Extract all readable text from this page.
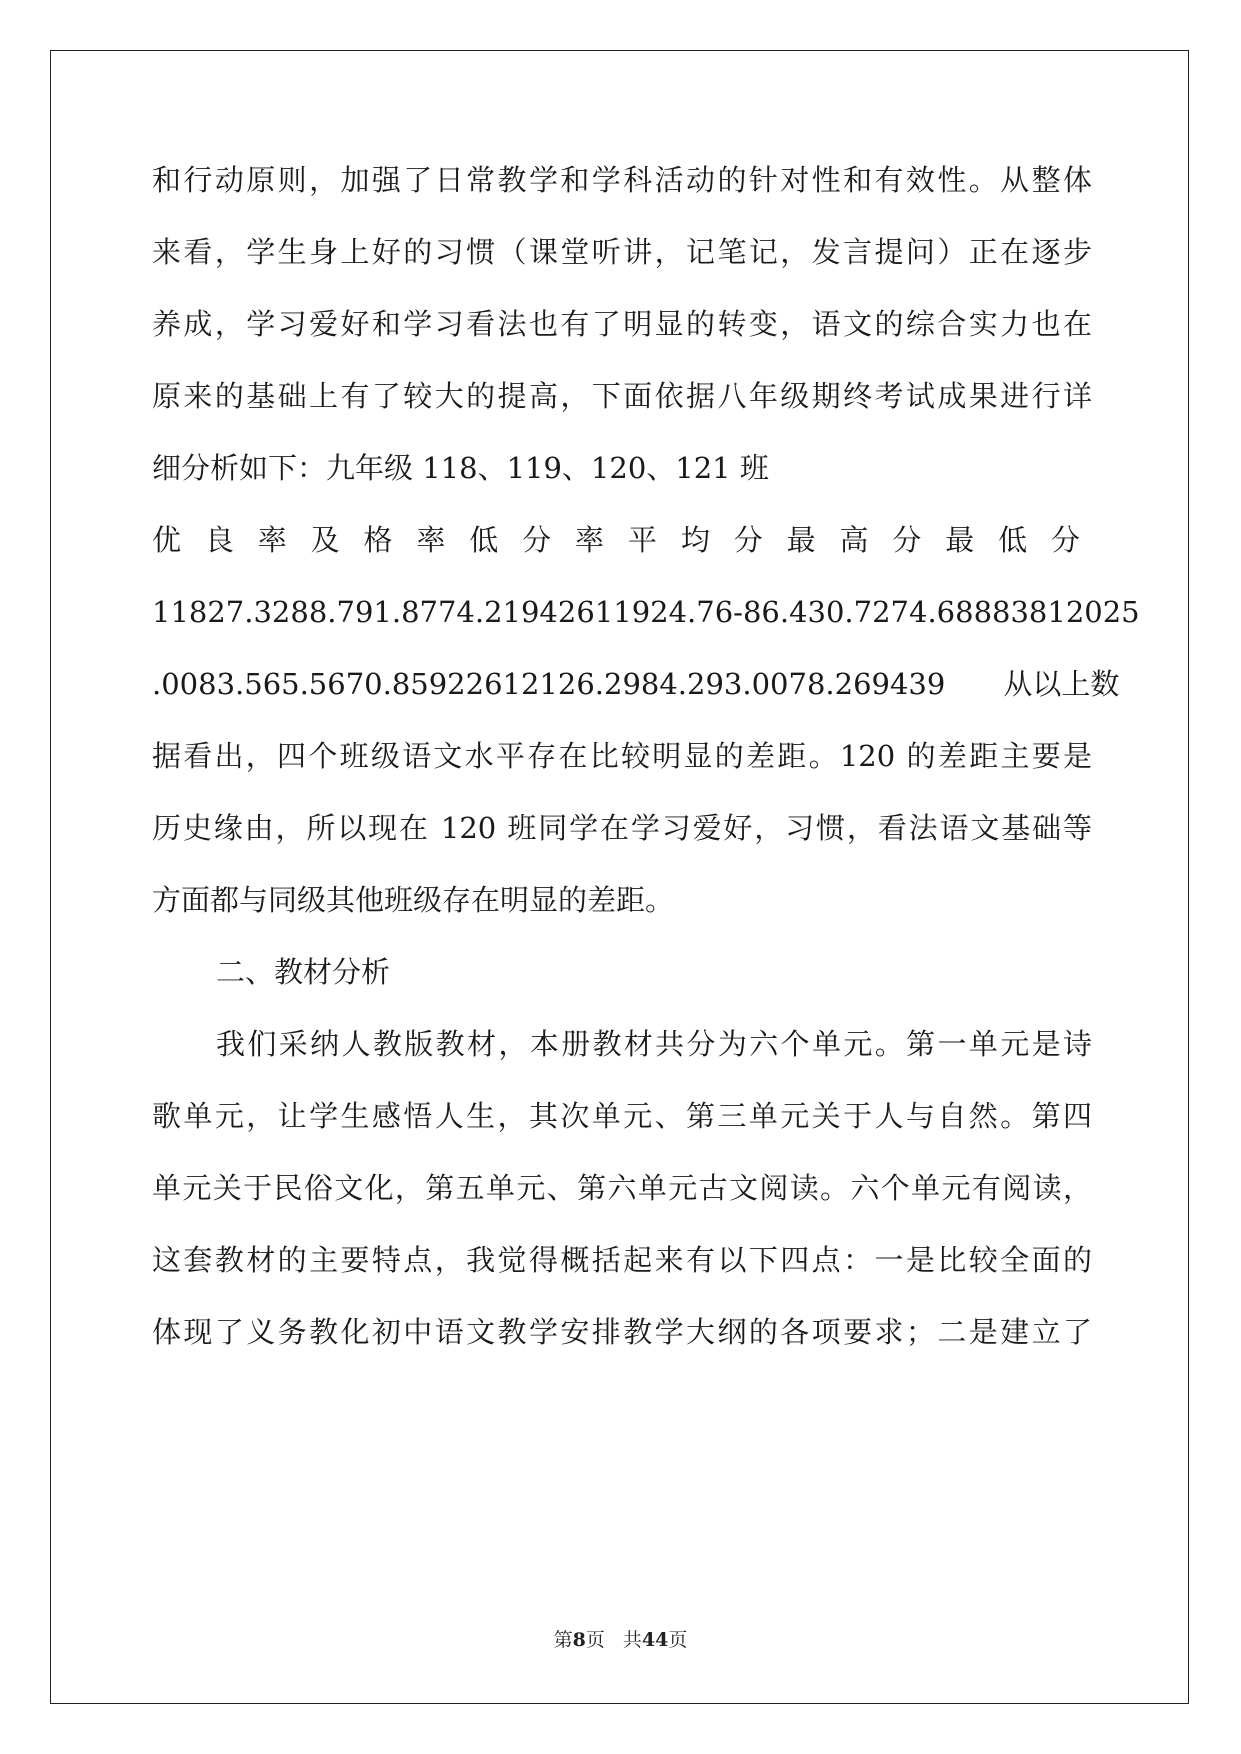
和行动原则，加强了日常教学和学科活动的针对性和有效性。从整体
来看，学生身上好的习惯（课堂听讲，记笔记，发言提问）正在逐步
养成，学习爱好和学习看法也有了明显的转变，语文的综合实力也在
原来的基础上有了较大的提高，下面依据八年级期终考试成果进行详
细分析如下：九年级 118、119、120、121 班
优 良 率 及 格 率 低 分 率 平 均 分 最 高 分 最 低 分
11827.3288.791.8774.21942611924.76-86.430.7274.68883812025
.0083.565.5670.85922612126.2984.293.0078.269439　　从以上数
据看出，四个班级语文水平存在比较明显的差距。120 的差距主要是
历史缘由，所以现在 120 班同学在学习爱好，习惯，看法语文基础等
方面都与同级其他班级存在明显的差距。
二、教材分析
我们采纳人教版教材，本册教材共分为六个单元。第一单元是诗
歌单元，让学生感悟人生，其次单元、第三单元关于人与自然。第四
单元关于民俗文化，第五单元、第六单元古文阅读。六个单元有阅读，
这套教材的主要特点，我觉得概括起来有以下四点：一是比较全面的
体现了义务教化初中语文教学安排教学大纲的各项要求；二是建立了
第8页 共44页
